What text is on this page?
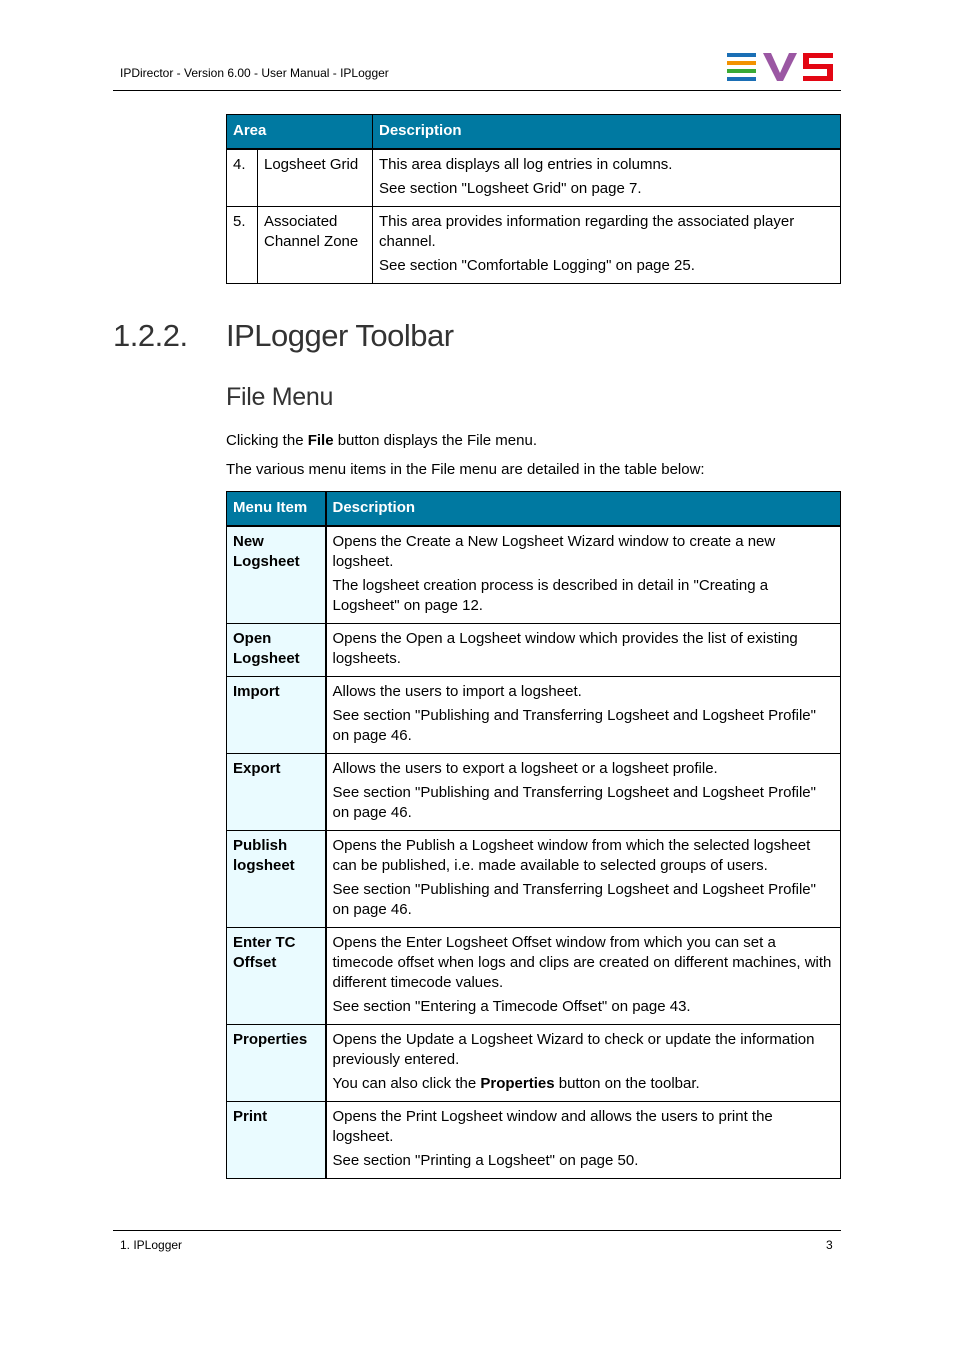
IPDirector - Version 6.00 - User Manual - IPLogger
Area		Description
4.	Logsheet Grid	This area displays all log entries in columns.

See section "Logsheet Grid" on page 7.

5.	Associated Channel Zone	This area provides information regarding the associated player channel.

See section "Comfortable Logging" on page 25.

1.2.2. IPLogger Toolbar
File Menu

Clicking the File button displays the File menu.

The various menu items in the File menu are detailed in the table below:

Menu Item	Description
New Logsheet	Opens the Create a New Logsheet Wizard window to create a new logsheet.

The logsheet creation process is described in detail in "Creating a Logsheet" on page 12.

Open Logsheet	Opens the Open a Logsheet window which provides the list of existing logsheets.

Import	Allows the users to import a logsheet.

See section "Publishing and Transferring Logsheet and Logsheet Profile" on page 46.

Export	Allows the users to export a logsheet or a logsheet profile.

See section "Publishing and Transferring Logsheet and Logsheet Profile" on page 46.

Publish logsheet	Opens the Publish a Logsheet window from which the selected logsheet can be published, i.e. made available to selected groups of users.

See section "Publishing and Transferring Logsheet and Logsheet Profile" on page 46.

Enter TC Offset	Opens the Enter Logsheet Offset window from which you can set a timecode offset when logs and clips are created on different machines, with different timecode values.

See section "Entering a Timecode Offset" on page 43.

Properties	Opens the Update a Logsheet Wizard to check or update the information previously entered.

You can also click the Properties button on the toolbar.

Print	Opens the Print Logsheet window and allows the users to print the logsheet.

See section "Printing a Logsheet" on page 50.

1. IPLogger	3
